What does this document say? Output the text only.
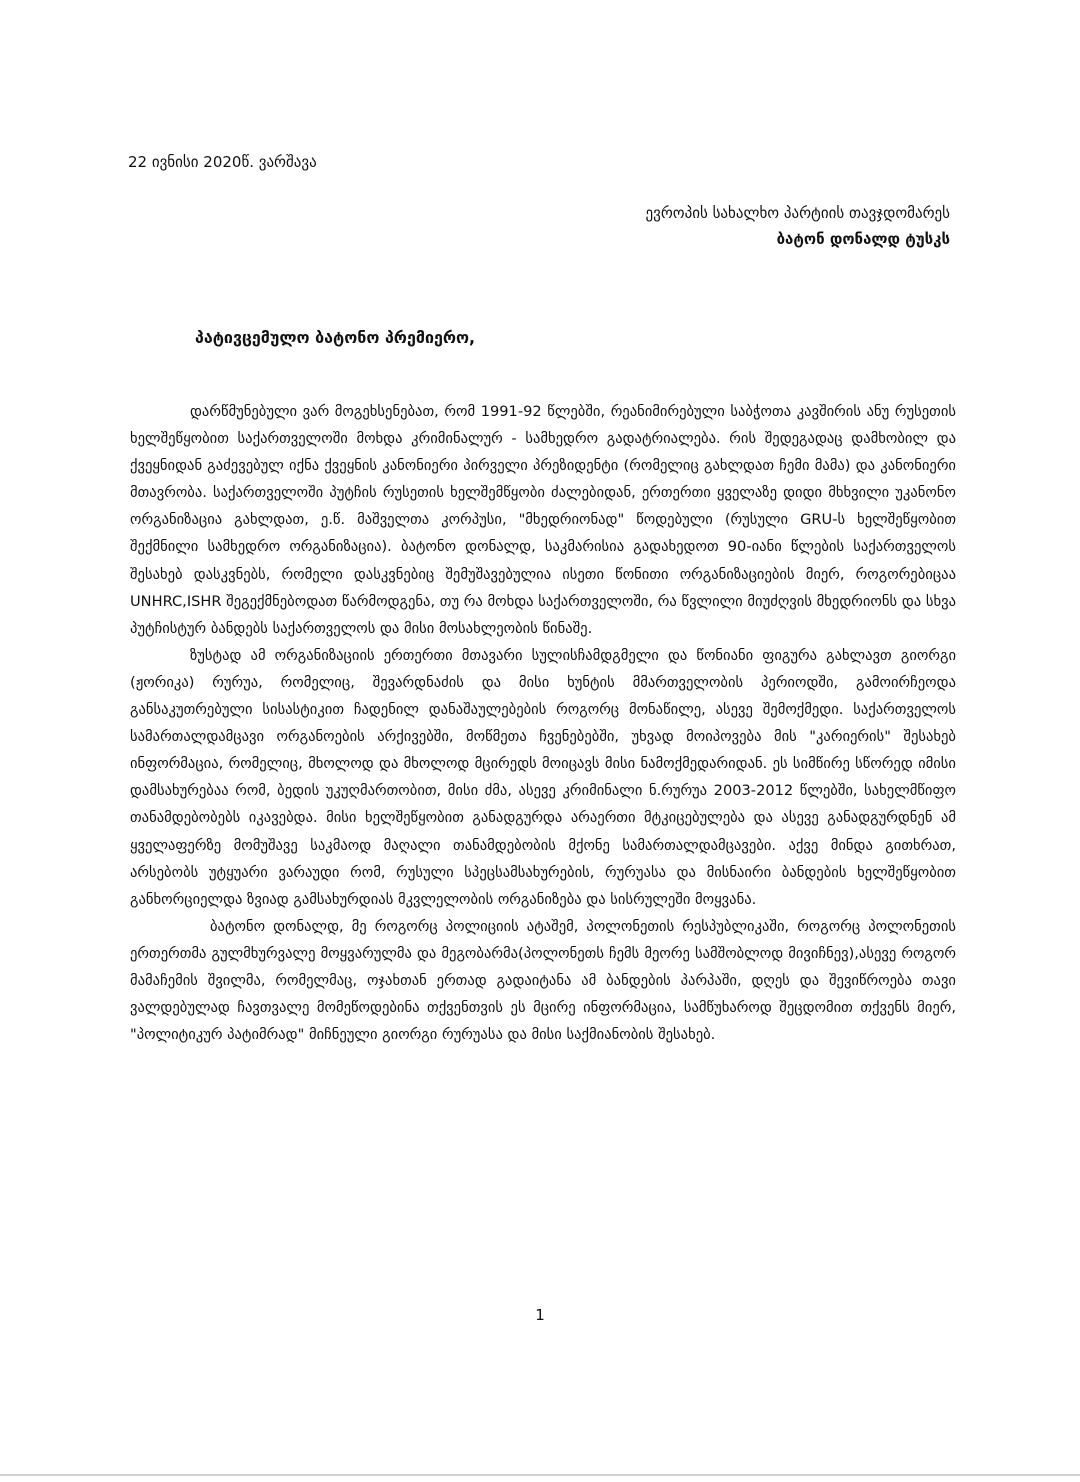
22 ივნისი 2020წ. ვარშავა
ევროპის სახალხო პარტიის თავჯდომარეს
ბატონ დონალდ ტუსკს
პატივცემულო ბატონო პრემიერო,

დარწმუნებული ვარ მოგეხსენებათ, რომ 1991-92 წლებში, რეანიმირებული საბჭოთა კავშირის ანუ რუსეთის ხელშეწყობით საქართველოში მოხდა კრიმინალურ - სამხედრო გადატრიალება. რის შედეგადაც დამხობილ და ქვეყნიდან გაძევებულ იქნა ქვეყნის კანონიერი პირველი პრეზიდენტი (რომელიც გახლდათ ჩემი მამა) და კანონიერი მთავრობა. საქართველოში პუტჩის რუსეთის ხელშემწყობი ძალებიდან, ერთერთი ყველაზე დიდი მხხვილი უკანონო ორგანიზაცია გახლდათ, ე.წ. მაშველთა კორპუსი, "მხედრიონად" წოდებული (რუსული GRU-ს ხელშეწყობით შექმნილი სამხედრო ორგანიზაცია). ბატონო დონალდ, საკმარისია გადახედოთ 90-იანი წლების საქართველოს შესახებ დასკვნებს, რომელი დასკვნებიც შემუშავებულია ისეთი წონითი ორგანიზაციების მიერ, როგორებიცაა UNHRC,ISHR შეგექმნებოდათ წარმოდგენა, თუ რა მოხდა საქართველოში, რა წვლილი მიუძღვის მხედრიონს და სხვა პუტჩისტურ ბანდებს საქართველოს და მისი მოსახლეობის წინაშე.

ზუსტად ამ ორგანიზაციის ერთერთი მთავარი სულისჩამდგმელი და წონიანი ფიგურა გახლავთ გიორგი (ჟორიკა) რურუა, რომელიც, შევარდნაძის და მისი ხუნტის მმართველობის პერიოდში, გამოირჩეოდა განსაკუთრებული სისასტიკით ჩადენილ დანაშაულებების როგორც მონაწილე, ასევე შემოქმედი. საქართველოს სამართალდამცავი ორგანოების არქივებში, მოწმეთა ჩვენებებში, უხვად მოიპოვება მის "კარიერის" შესახებ ინფორმაცია, რომელიც, მხოლოდ და მხოლოდ მცირედს მოიცავს მისი ნამოქმედარიდან. ეს სიმწირე სწორედ იმისი დამსახურებაა რომ, ბედის უკუღმართობით, მისი ძმა, ასევე კრიმინალი ნ.რურუა 2003-2012 წლებში, სახელმწიფო თანამდებობებს იკავებდა. მისი ხელშეწყობით განადგურდა არაერთი მტკიცებულება და ასევე განადგურდნენ ამ ყველაფერზე მომუშავე საკმაოდ მაღალი თანამდებობის მქონე სამართალდამცავები. აქვე მინდა გითხრათ, არსებობს უტყუარი ვარაუდი რომ, რუსული სპეცსამსახურების, რურუასა და მისნაირი ბანდების ხელშეწყობით განხორციელდა ზვიად გამსახურდიას მკვლელობის ორგანიზება და სისრულეში მოყვანა.

ბატონო დონალდ, მე როგორც პოლიციის ატაშემ, პოლონეთის რესპუბლიკაში, როგორც პოლონეთის ერთერთმა გულმხურვალე მოყვარულმა და მეგობარმა(პოლონეთს ჩემს მეორე სამშობლოდ მივიჩნევ),ასევე როგორ მამაჩემის შვილმა, რომელმაც, ოჯახთან ერთად გადაიტანა ამ ბანდების პარპაში, დღეს და შევიწროება თავი ვალდებულად ჩავთვალე მომეწოდებინა თქვენთვის ეს მცირე ინფორმაცია, სამწუხაროდ შეცდომით თქვენს მიერ, "პოლიტიკურ პატიმრად" მიჩნეული გიორგი რურუასა და მისი საქმიანობის შესახებ.

1
